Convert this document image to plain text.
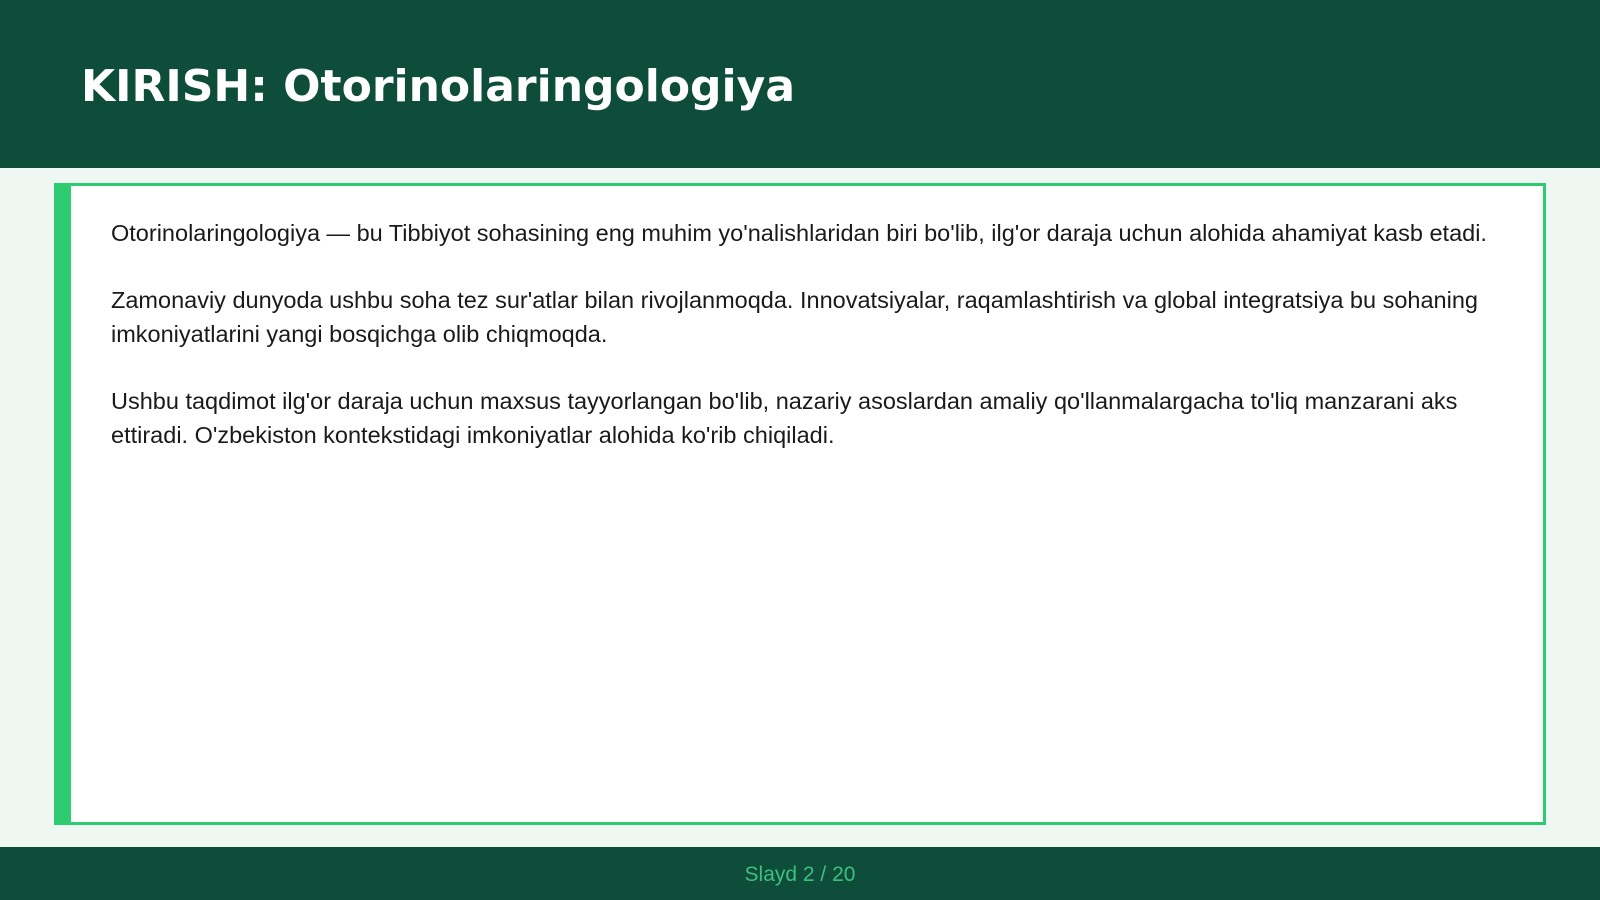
KIRISH: Otorinolaringologiya

Otorinolaringologiya — bu Tibbiyot sohasining eng muhim yo'nalishlaridan biri bo'lib, ilg'or daraja uchun alohida ahamiyat kasb etadi.

Zamonaviy dunyoda ushbu soha tez sur'atlar bilan rivojlanmoqda. Innovatsiyalar, raqamlashtirish va global integratsiya bu sohaning imkoniyatlarini yangi bosqichga olib chiqmoqda.

Ushbu taqdimot ilg'or daraja uchun maxsus tayyorlangan bo'lib, nazariy asoslardan amaliy qo'llanmalargacha to'liq manzarani aks ettiradi. O'zbekiston kontekstidagi imkoniyatlar alohida ko'rib chiqiladi.

Slayd 2 / 20
